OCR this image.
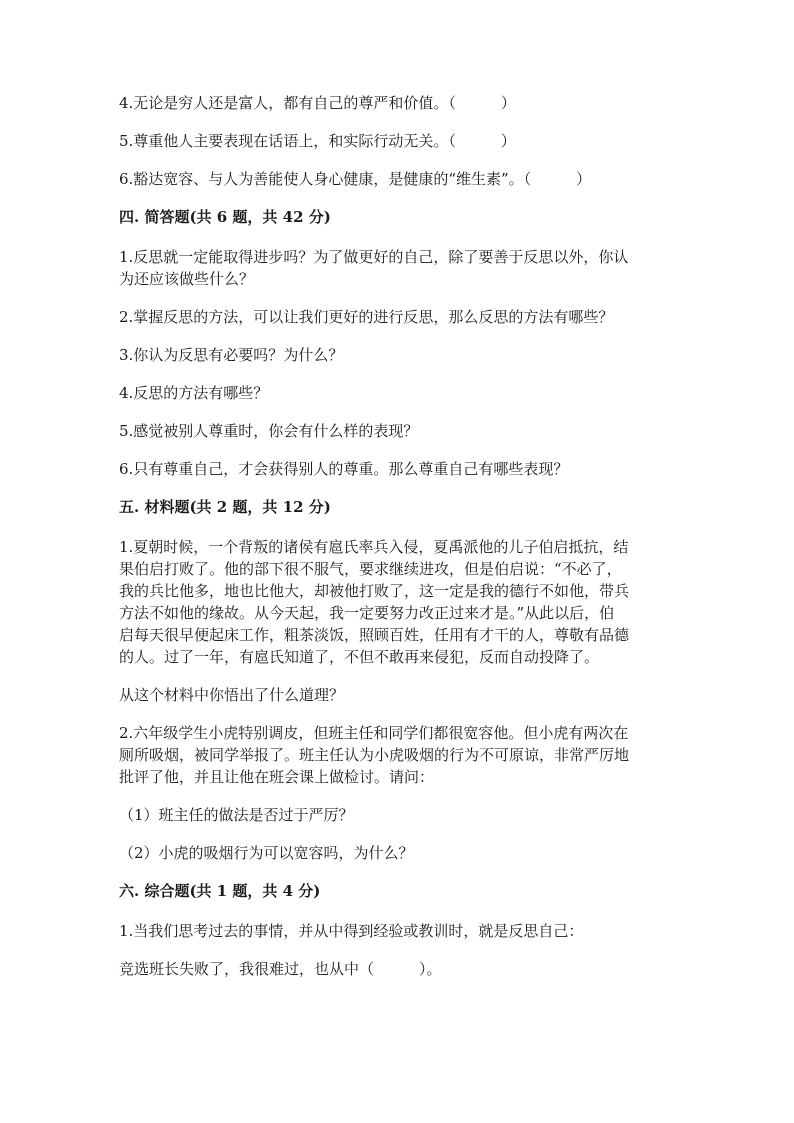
4.无论是穷人还是富人，都有自己的尊严和价值。（　　　）

5.尊重他人主要表现在话语上，和实际行动无关。（　　　）

6.豁达宽容、与人为善能使人身心健康，是健康的“维生素”。（　　　）

四. 简答题(共 6 题，共 42 分)

1.反思就一定能取得进步吗？为了做更好的自己，除了要善于反思以外，你认

为还应该做些什么？

2.掌握反思的方法，可以让我们更好的进行反思，那么反思的方法有哪些？

3.你认为反思有必要吗？为什么？

4.反思的方法有哪些？

5.感觉被别人尊重时，你会有什么样的表现？

6.只有尊重自己，才会获得别人的尊重。那么尊重自己有哪些表现？

五. 材料题(共 2 题，共 12 分)

1.夏朝时候，一个背叛的诸侯有扈氏率兵入侵，夏禹派他的儿子伯启抵抗，结

果伯启打败了。他的部下很不服气，要求继续进攻，但是伯启说：“不必了，

我的兵比他多，地也比他大，却被他打败了，这一定是我的德行不如他，带兵

方法不如他的缘故。从今天起，我一定要努力改正过来才是。”从此以后，伯

启每天很早便起床工作，粗茶淡饭，照顾百姓，任用有才干的人，尊敬有品德

的人。过了一年，有扈氏知道了，不但不敢再来侵犯，反而自动投降了。

从这个材料中你悟出了什么道理？

2.六年级学生小虎特别调皮，但班主任和同学们都很宽容他。但小虎有两次在

厕所吸烟，被同学举报了。班主任认为小虎吸烟的行为不可原谅，非常严厉地

批评了他，并且让他在班会课上做检讨。请问：

（1）班主任的做法是否过于严厉？

（2）小虎的吸烟行为可以宽容吗，为什么？

六. 综合题(共 1 题，共 4 分)

1.当我们思考过去的事情，并从中得到经验或教训时，就是反思自己：

竞选班长失败了，我很难过，也从中（　　　）。
